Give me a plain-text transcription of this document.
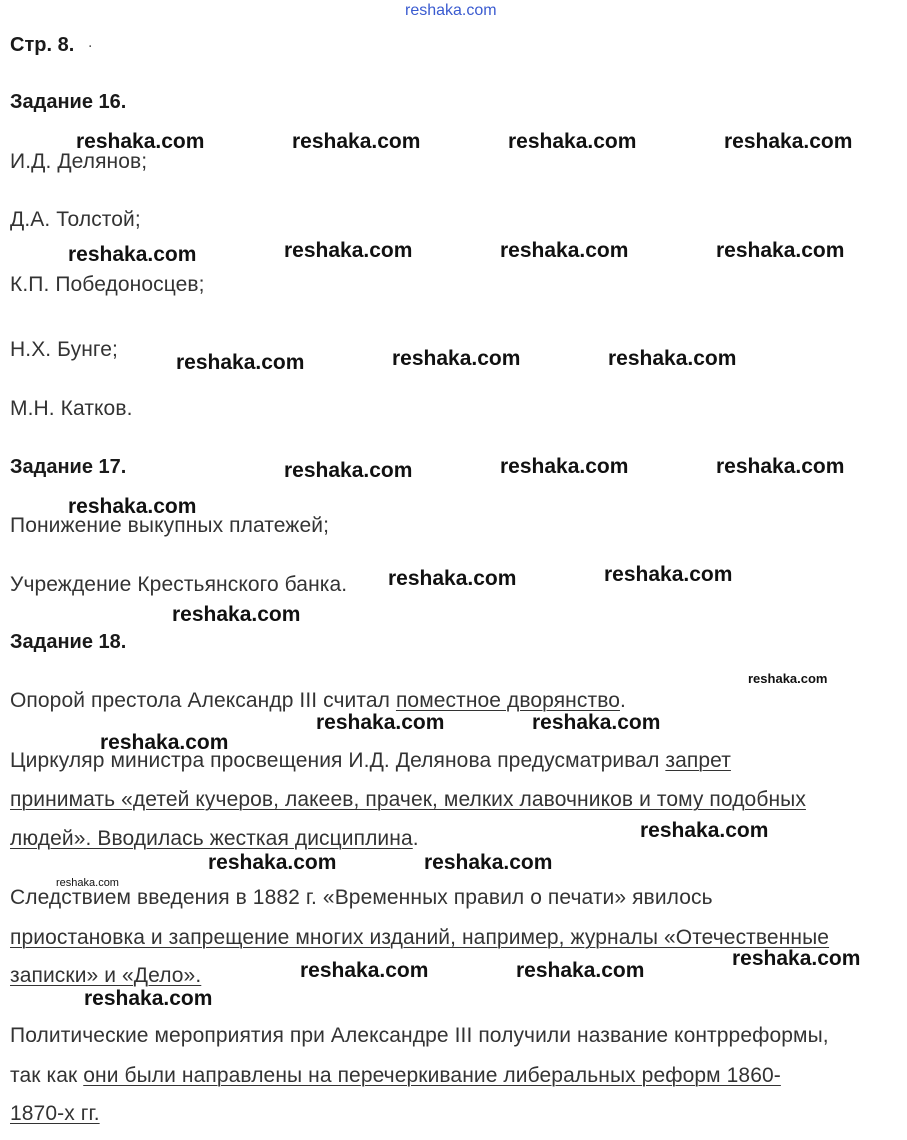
reshaka.com
Стр. 8. .
Задание 16.
И.Д. Делянов;
Д.А. Толстой;
К.П. Победоносцев;
Н.Х. Бунге;
М.Н. Катков.
Задание 17.
Понижение выкупных платежей;
Учреждение Крестьянского банка.
Задание 18.
Опорой престола Александр III считал поместное дворянство.
Циркуляр министра просвещения И.Д. Делянова предусматривал запрет
принимать «детей кучеров, лакеев, прачек, мелких лавочников и тому подобных
людей». Вводилась жесткая дисциплина.
Следствием введения в 1882 г. «Временных правил о печати» явилось
приостановка и запрещение многих изданий, например, журналы «Отечественные
записки» и «Дело».
Политические мероприятия при Александре III получили название контрреформы,
так как они были направлены на перечеркивание либеральных реформ 1860-
1870-х гг.
reshaka.com	reshaka.com	reshaka.com	reshaka.com
reshaka.com	reshaka.com	reshaka.com	reshaka.com
reshaka.com	reshaka.com	reshaka.com
reshaka.com	reshaka.com	reshaka.com
reshaka.com
reshaka.com	reshaka.com
reshaka.com
reshaka.com
reshaka.com	reshaka.com
reshaka.com
reshaka.com
reshaka.com	reshaka.com
reshaka.com
reshaka.com
reshaka.com	reshaka.com
reshaka.com
